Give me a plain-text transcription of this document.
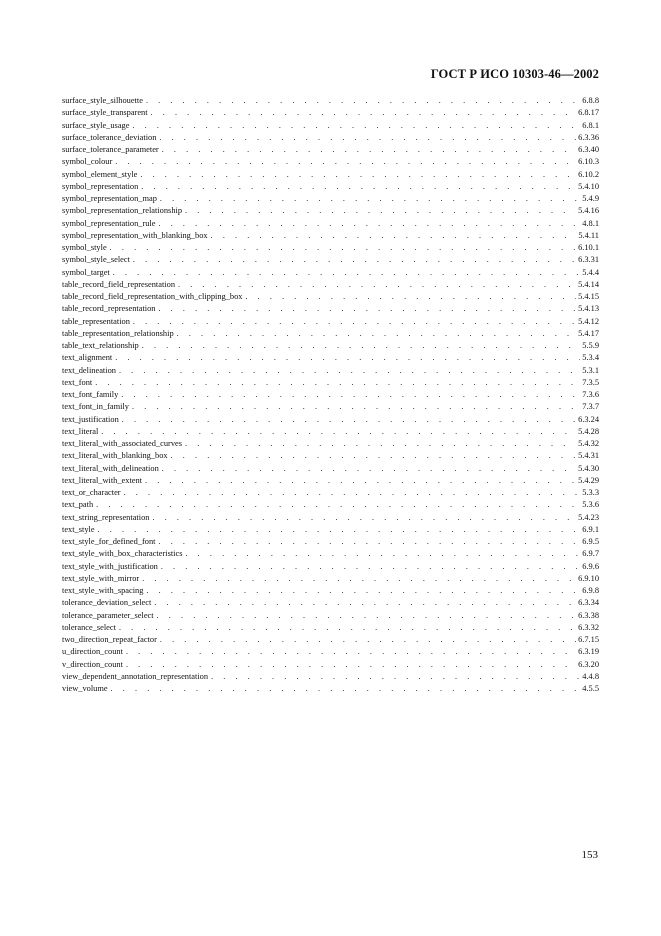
ГОСТ Р ИСО 10303-46—2002
surface_style_silhouette . . .	6.8.8
surface_style_transparent . . .	6.8.17
surface_style_usage . . .	6.8.1
surface_tolerance_deviation . . .	6.3.36
surface_tolerance_parameter . . .	6.3.40
symbol_colour . . .	6.10.3
symbol_element_style . . .	6.10.2
symbol_representation . . .	5.4.10
symbol_representation_map . . .	5.4.9
symbol_representation_relationship . . .	5.4.16
symbol_representation_rule . . .	4.8.1
symbol_representation_with_blanking_box . . .	5.4.11
symbol_style . . .	6.10.1
symbol_style_select . . .	6.3.31
symbol_target . . .	5.4.4
table_record_field_representation . . .	5.4.14
table_record_field_representation_with_clipping_box . . .	5.4.15
table_record_representation . . .	5.4.13
table_representation . . .	5.4.12
table_representation_relationship . . .	5.4.17
table_text_relationship . . .	5.5.9
text_alignment . . .	5.3.4
text_delineation . . .	5.3.1
text_font . . .	7.3.5
text_font_family . . .	7.3.6
text_font_in_family . . .	7.3.7
text_justification . . .	6.3.24
text_literal . . .	5.4.28
text_literal_with_associated_curves . . .	5.4.32
text_literal_with_blanking_box . . .	5.4.31
text_literal_with_delineation . . .	5.4.30
text_literal_with_extent . . .	5.4.29
text_or_character . . .	5.3.3
text_path . . .	5.3.6
text_string_representation . . .	5.4.23
text_style . . .	6.9.1
text_style_for_defined_font . . .	6.9.5
text_style_with_box_characteristics . . .	6.9.7
text_style_with_justification . . .	6.9.6
text_style_with_mirror . . .	6.9.10
text_style_with_spacing . . .	6.9.8
tolerance_deviation_select . . .	6.3.34
tolerance_parameter_select . . .	6.3.38
tolerance_select . . .	6.3.32
two_direction_repeat_factor . . .	6.7.15
u_direction_count . . .	6.3.19
v_direction_count . . .	6.3.20
view_dependent_annotation_representation . . .	4.4.8
view_volume . . .	4.5.5
153
